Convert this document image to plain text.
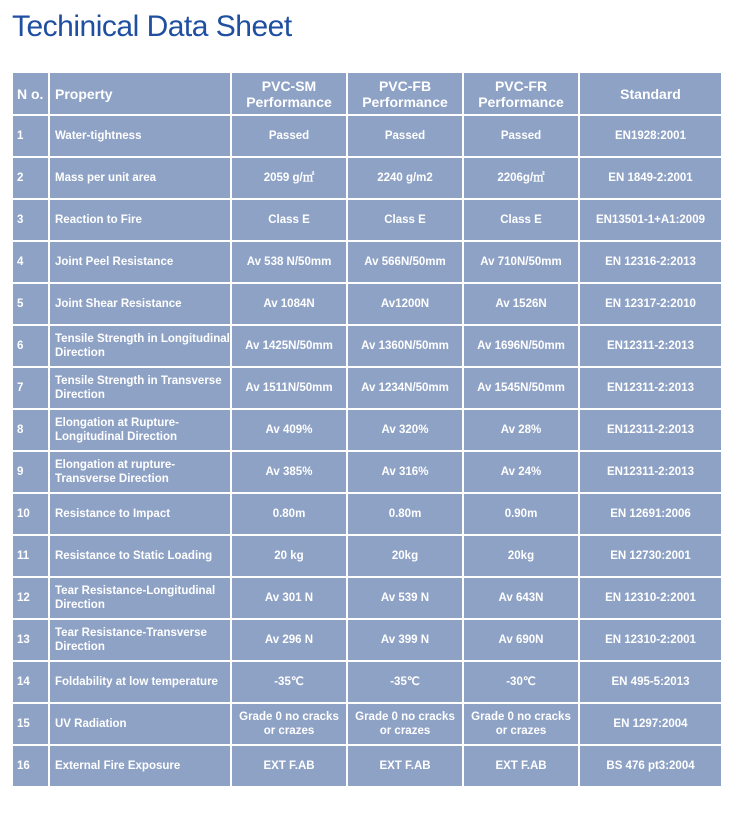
Techinical Data Sheet
N o.	Property	PVC-SM Performance	PVC-FB Performance	PVC-FR Performance	Standard
1	Water-tightness	Passed	Passed	Passed	EN1928:2001
2	Mass per unit area	2059 g/㎡	2240 g/m2	2206g/㎡	EN 1849-2:2001
3	Reaction to Fire	Class E	Class E	Class E	EN13501-1+A1:2009
4	Joint Peel Resistance	Av 538 N/50mm	Av 566N/50mm	Av 710N/50mm	EN 12316-2:2013
5	Joint Shear Resistance	Av 1084N	Av1200N	Av 1526N	EN 12317-2:2010
6	Tensile Strength in Longitudinal Direction	Av 1425N/50mm	Av 1360N/50mm	Av 1696N/50mm	EN12311-2:2013
7	Tensile Strength in Transverse Direction	Av 1511N/50mm	Av 1234N/50mm	Av 1545N/50mm	EN12311-2:2013
8	Elongation at Rupture-Longitudinal Direction	Av 409%	Av 320%	Av 28%	EN12311-2:2013
9	Elongation at rupture-Transverse Direction	Av 385%	Av 316%	Av 24%	EN12311-2:2013
10	Resistance to Impact	0.80m	0.80m	0.90m	EN 12691:2006
11	Resistance to Static Loading	20 kg	20kg	20kg	EN 12730:2001
12	Tear Resistance-Longitudinal Direction	Av 301 N	Av 539 N	Av 643N	EN 12310-2:2001
13	Tear Resistance-Transverse Direction	Av 296 N	Av 399 N	Av 690N	EN 12310-2:2001
14	Foldability at low temperature	-35℃	-35℃	-30℃	EN 495-5:2013
15	UV Radiation	Grade 0 no cracks or crazes	Grade 0 no cracks or crazes	Grade 0 no cracks or crazes	EN 1297:2004
16	External Fire Exposure	EXT F.AB	EXT F.AB	EXT F.AB	BS 476 pt3:2004
